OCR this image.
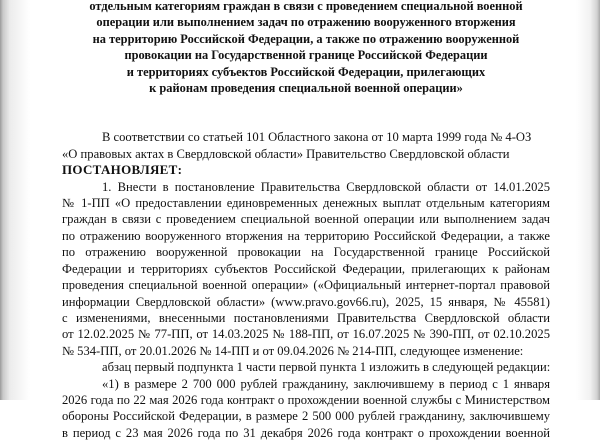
отдельным категориям граждан в связи с проведением специальной военной
операции или выполнением задач по отражению вооруженного вторжения
на территорию Российской Федерации, а также по отражению вооруженной
провокации на Государственной границе Российской Федерации
и территориях субъектов Российской Федерации, прилегающих
к районам проведения специальной военной операции»
В соответствии со статьей 101 Областного закона от 10 марта 1999 года № 4-ОЗ
«О правовых актах в Свердловской области» Правительство Свердловской области
ПОСТАНОВЛЯЕТ:
1. Внести в постановление Правительства Свердловской области от 14.01.2025
№ 1-ПП «О предоставлении единовременных денежных выплат отдельным категориям
граждан в связи с проведением специальной военной операции или выполнением задач
по отражению вооруженного вторжения на территорию Российской Федерации, а также
по отражению вооруженной провокации на Государственной границе Российской
Федерации и территориях субъектов Российской Федерации, прилегающих к районам
проведения специальной военной операции» («Официальный интернет-портал правовой
информации Свердловской области» (www.pravo.gov66.ru), 2025, 15 января, № 45581)
с изменениями, внесенными постановлениями Правительства Свердловской области
от 12.02.2025 № 77-ПП, от 14.03.2025 № 188-ПП, от 16.07.2025 № 390-ПП, от 02.10.2025
№ 534-ПП, от 20.01.2026 № 14-ПП и от 09.04.2026 № 214-ПП, следующее изменение:
абзац первый подпункта 1 части первой пункта 1 изложить в следующей редакции:
«1) в размере 2 700 000 рублей гражданину, заключившему в период с 1 января
2026 года по 22 мая 2026 года контракт о прохождении военной службы с Министерством
обороны Российской Федерации, в размере 2 500 000 рублей гражданину, заключившему
в период с 23 мая 2026 года по 31 декабря 2026 года контракт о прохождении военной
